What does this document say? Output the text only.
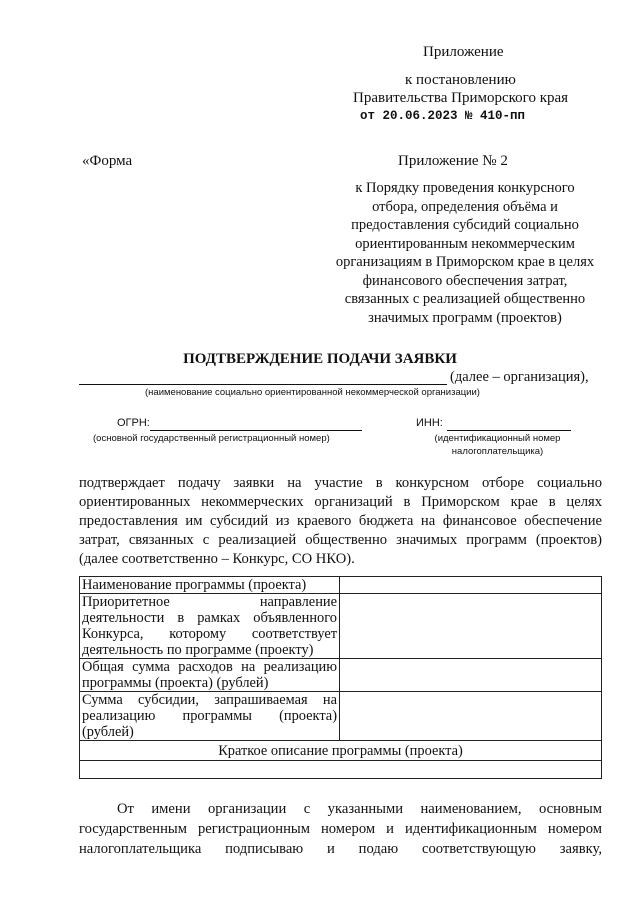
Приложение
к постановлению
Правительства Приморского края
от 20.06.2023 № 410-пп
«Форма	Приложение № 2
к Порядку проведения конкурсного
отбора, определения объёма и
предоставления субсидий социально
ориентированным некоммерческим
организациям в Приморском крае в целях
финансового обеспечения затрат,
связанных с реализацией общественно
значимых программ (проектов)
ПОДТВЕРЖДЕНИЕ ПОДАЧИ ЗАЯВКИ
(далее – организация),
(наименование социально ориентированной некоммерческой организации)
ОГРН:
(основной государственный регистрационный номер)
ИНН:
(идентификационный номер
налогоплательщика)
подтверждает подачу заявки на участие в конкурсном отборе социально
ориентированных некоммерческих организаций в Приморском крае в целях
предоставления им субсидий из краевого бюджета на финансовое обеспечение
затрат, связанных с реализацией общественно значимых программ (проектов)
(далее соответственно – Конкурс, СО НКО).
Наименование программы (проекта)	

Приоритетное направление
деятельности в рамках объявленного
Конкурса, которому соответствует
деятельность по программе (проекту)	

Общая сумма расходов на реализацию
программы (проекта) (рублей)	

Сумма субсидии, запрашиваемая на
реализацию программы (проекта)
(рублей)	

Краткое описание программы (проекта)	

От имени организации с указанными наименованием, основным
государственным регистрационным номером и идентификационным номером
налогоплательщика подписываю и подаю соответствующую заявку,
